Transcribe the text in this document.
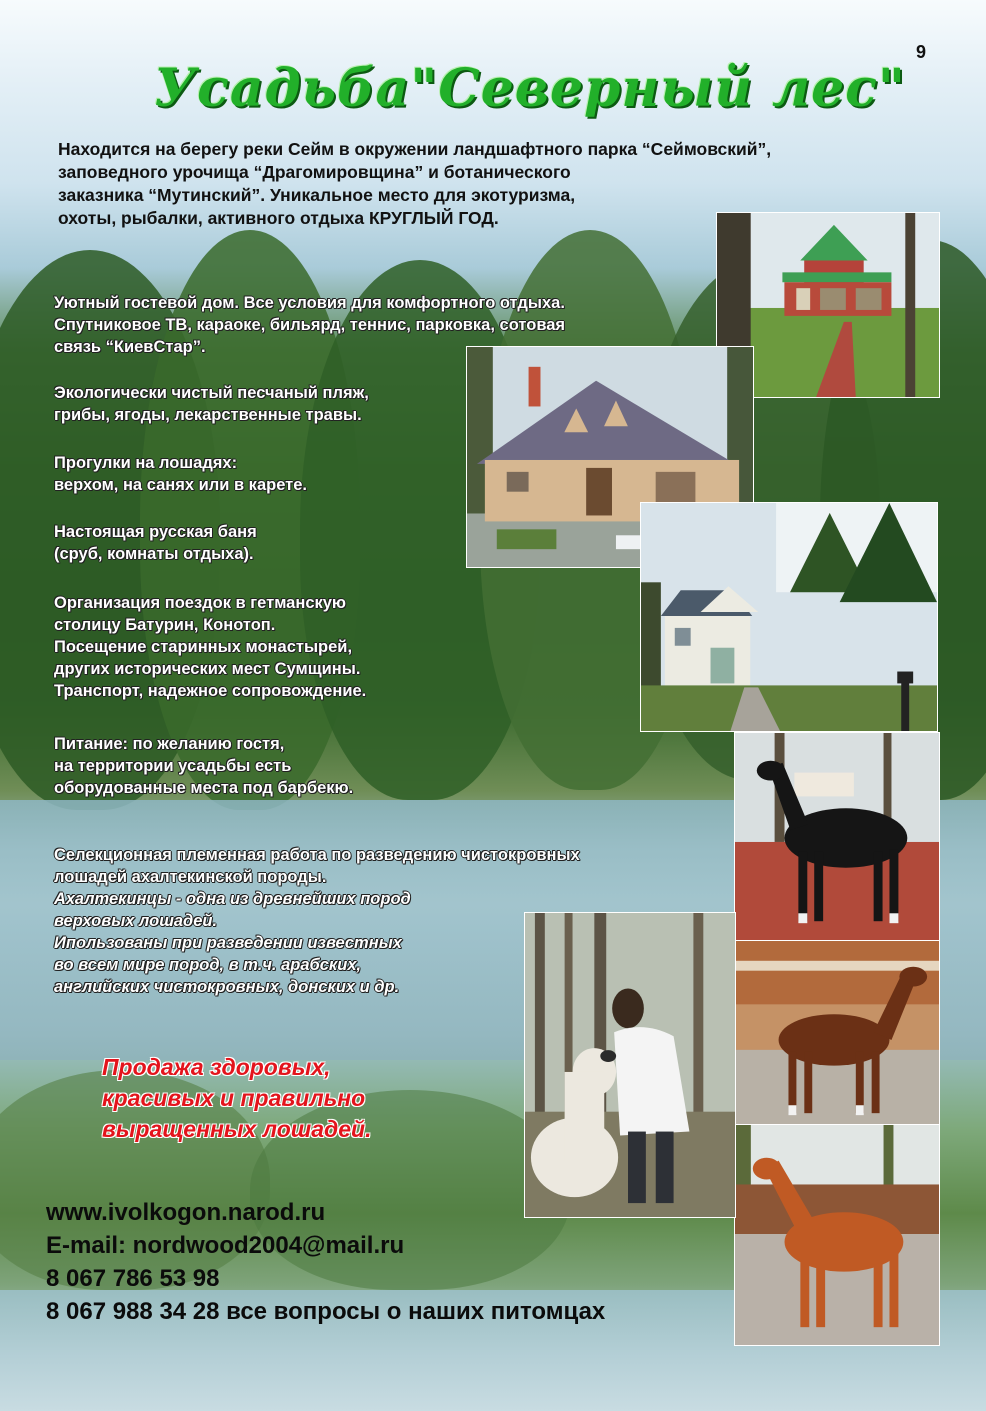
9
Усадьба"Северный лес"
Находится на берегу реки Сейм в окружении ландшафтного парка “Сеймовский”,
заповедного урочища “Драгомировщина” и ботанического
заказника “Мутинский”. Уникальное место для экотуризма,
охоты, рыбалки, активного отдыха КРУГЛЫЙ ГОД.
Уютный гостевой дом. Все условия для комфортного отдыха.
Спутниковое ТВ, караоке, бильярд, теннис, парковка, сотовая
связь “КиевСтар”.
Экологически чистый песчаный пляж,
грибы, ягоды, лекарственные травы.
Прогулки на лошадях:
верхом, на санях или в карете.
Настоящая русская баня
(сруб, комнаты отдыха).
Организация поездок в гетманскую
столицу Батурин, Конотоп.
Посещение старинных монастырей,
других исторических мест Сумщины.
Транспорт, надежное сопровождение.
Питание: по желанию гостя,
на территории усадьбы есть
оборудованные места под барбекю.
Селекционная племенная работа по разведению чистокровных
лошадей ахалтекинской породы.
Ахалтекинцы - одна из древнейших пород
верховых лошадей.
Ипользованы при разведении известных
во всем мире пород, в т.ч. арабских,
английских чистокровных, донских и др.
Продажа здоровых,
красивых и правильно
выращенных лошадей.
www.ivolkogon.narod.ru
E-mail: nordwood2004@mail.ru
8 067 786 53 98
8 067 988 34 28 все вопросы о наших питомцах
